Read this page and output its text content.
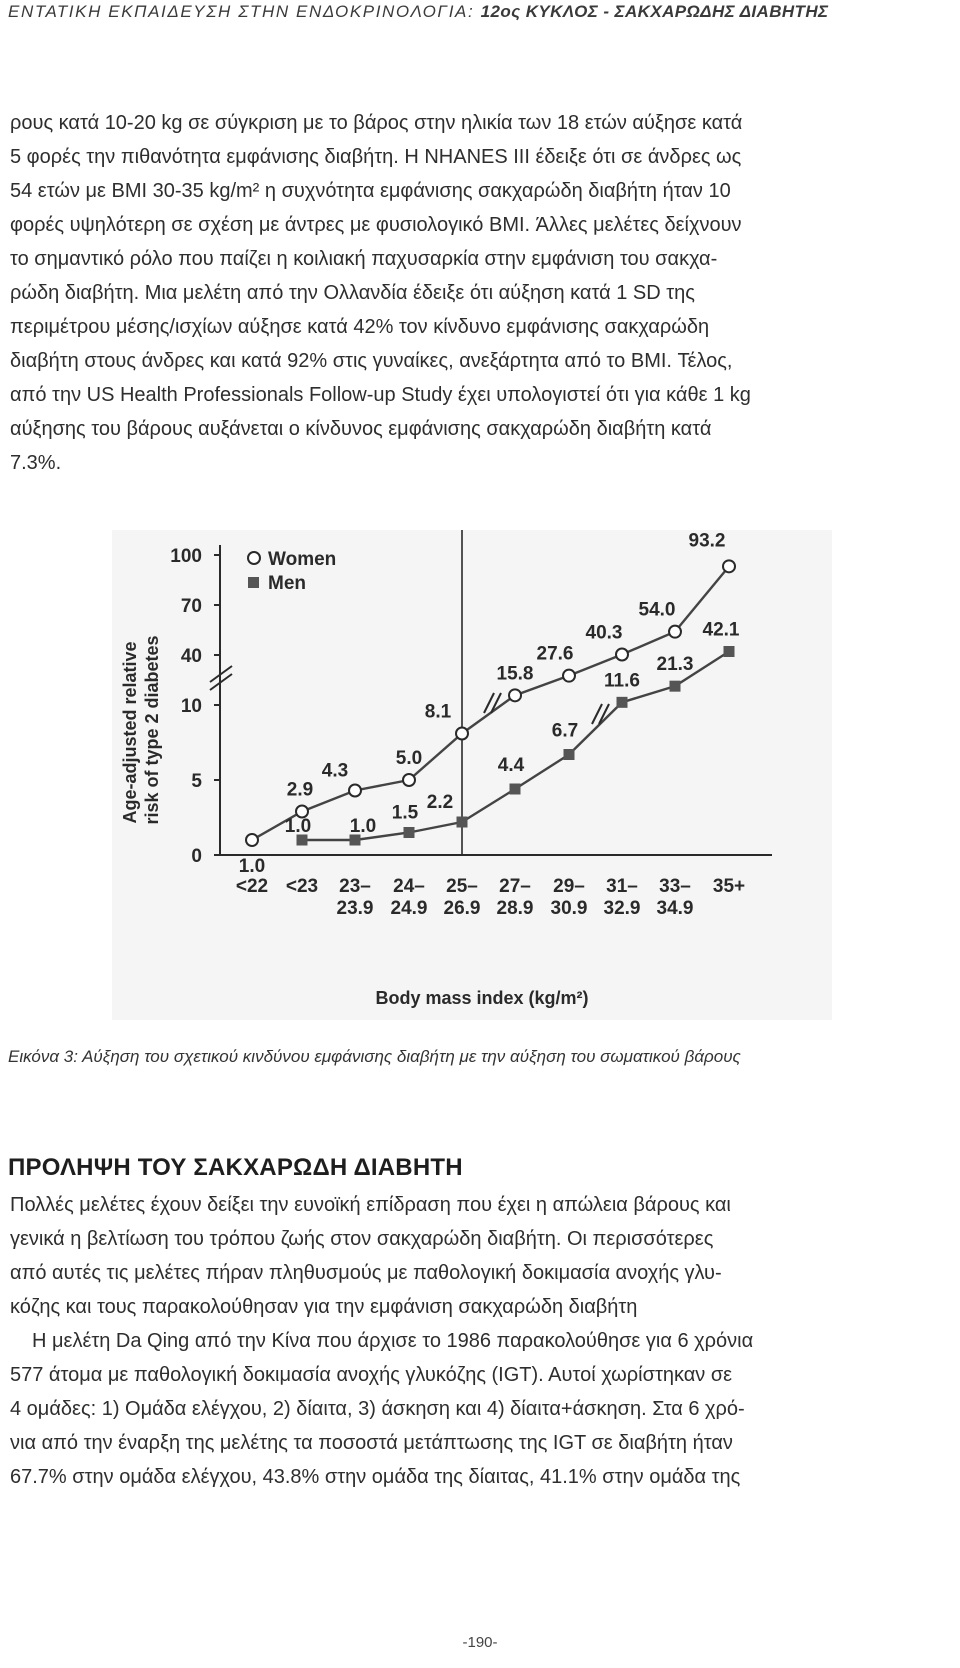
ΕΝΤΑΤΙΚΗ ΕΚΠΑΙΔΕΥΣΗ ΣΤΗΝ ΕΝΔΟΚΡΙΝΟΛΟΓΙΑ: 12ος ΚΥΚΛΟΣ - ΣΑΚΧΑΡΩΔΗΣ ΔΙΑΒΗΤΗΣ

ρους κατά 10-20 kg σε σύγκριση με το βάρος στην ηλικία των 18 ετών αύξησε κατά
5 φορές την πιθανότητα εμφάνισης διαβήτη. Η NHANES III έδειξε ότι σε άνδρες ως
54 ετών με BMI 30-35 kg/m² η συχνότητα εμφάνισης σακχαρώδη διαβήτη ήταν 10
φορές υψηλότερη σε σχέση με άντρες με φυσιολογικό BMI. Άλλες μελέτες δείχνουν
το σημαντικό ρόλο που παίζει η κοιλιακή παχυσαρκία στην εμφάνιση του σακχα-
ρώδη διαβήτη. Μια μελέτη από την Ολλανδία έδειξε ότι αύξηση κατά 1 SD της
περιμέτρου μέσης/ισχίων αύξησε κατά 42% τον κίνδυνο εμφάνισης σακχαρώδη
διαβήτη στους άνδρες και κατά 92% στις γυναίκες, ανεξάρτητα από το BMI. Τέλος,
από την US Health Professionals Follow-up Study έχει υπολογιστεί ότι για κάθε 1 kg
αύξησης του βάρους αυξάνεται ο κίνδυνος εμφάνισης σακχαρώδη διαβήτη κατά
7.3%.

0
5
10
40
70
100
<22 <23 23–
23.9
24–
24.9
25–
26.9
27–
28.9
29–
30.9
31–
32.9
33–
34.9
35+
1.0
2.9
4.3
5.0
8.1
15.8
27.6
40.3
54.0
93.2
1.0 1.0
1.5 2.2
4.4
6.7
11.6
21.3
42.1
Women
Men
Body mass index (kg/m²)
Age-adjusted relative risk of type 2 diabetes
Εικόνα 3: Αύξηση του σχετικού κινδύνου εμφάνισης διαβήτη με την αύξηση του σωματικού βάρους
ΠΡΟΛΗΨΗ ΤΟΥ ΣΑΚΧΑΡΩΔΗ ΔΙΑΒΗΤΗ

Πολλές μελέτες έχουν δείξει την ευνοϊκή επίδραση που έχει η απώλεια βάρους και
γενικά η βελτίωση του τρόπου ζωής στον σακχαρώδη διαβήτη. Οι περισσότερες
από αυτές τις μελέτες πήραν πληθυσμούς με παθολογική δοκιμασία ανοχής γλυ-
κόζης και τους παρακολούθησαν για την εμφάνιση σακχαρώδη διαβήτη
Η μελέτη Da Qing από την Κίνα που άρχισε το 1986 παρακολούθησε για 6 χρόνια
577 άτομα με παθολογική δοκιμασία ανοχής γλυκόζης (IGT). Αυτοί χωρίστηκαν σε
4 ομάδες: 1) Ομάδα ελέγχου, 2) δίαιτα, 3) άσκηση και 4) δίαιτα+άσκηση. Στα 6 χρό-
νια από την έναρξη της μελέτης τα ποσοστά μετάπτωσης της IGT σε διαβήτη ήταν
67.7% στην ομάδα ελέγχου, 43.8% στην ομάδα της δίαιτας, 41.1% στην ομάδα της

-190-
